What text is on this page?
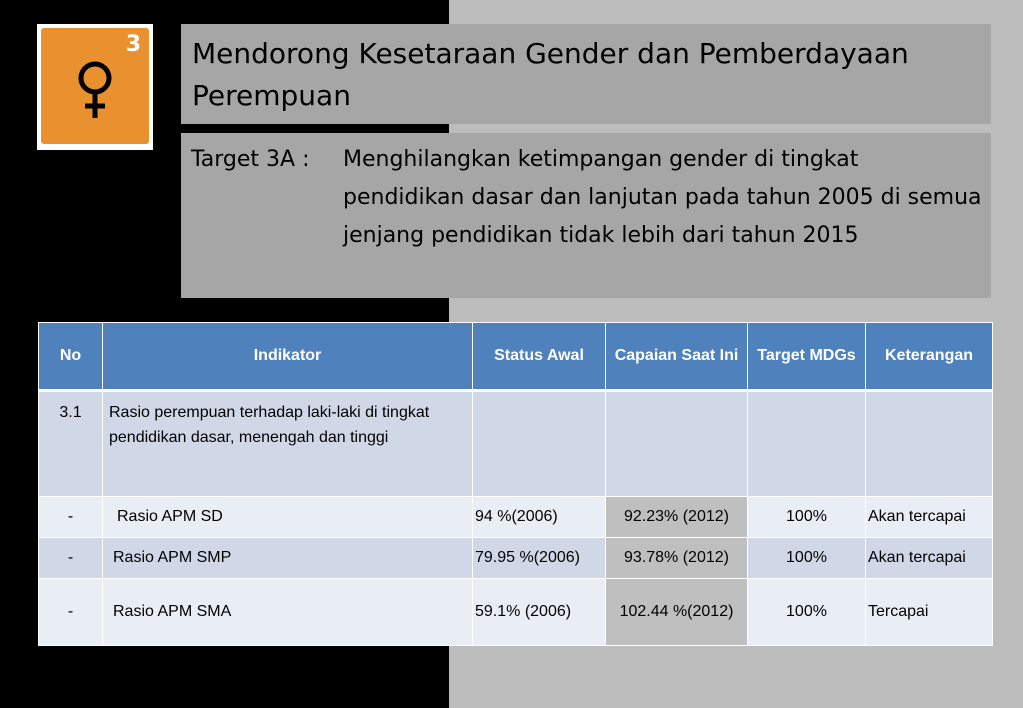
3 Mendorong Kesetaraan Gender dan Pemberdayaan Perempuan
Target 3A : Menghilangkan ketimpangan gender di tingkat pendidikan dasar dan lanjutan pada tahun 2005 di semua jenjang pendidikan tidak lebih dari tahun 2015
No	Indikator	Status Awal	Capaian Saat Ini	Target MDGs	Keterangan
3.1	Rasio perempuan terhadap laki-laki di tingkat pendidikan dasar, menengah dan tinggi				
-	Rasio APM SD	94 %(2006)	92.23% (2012)	100%	Akan tercapai
-	Rasio APM SMP	79.95 %(2006)	93.78% (2012)	100%	Akan tercapai
-	Rasio APM SMA	59.1% (2006)	102.44 %(2012)	100%	Tercapai
